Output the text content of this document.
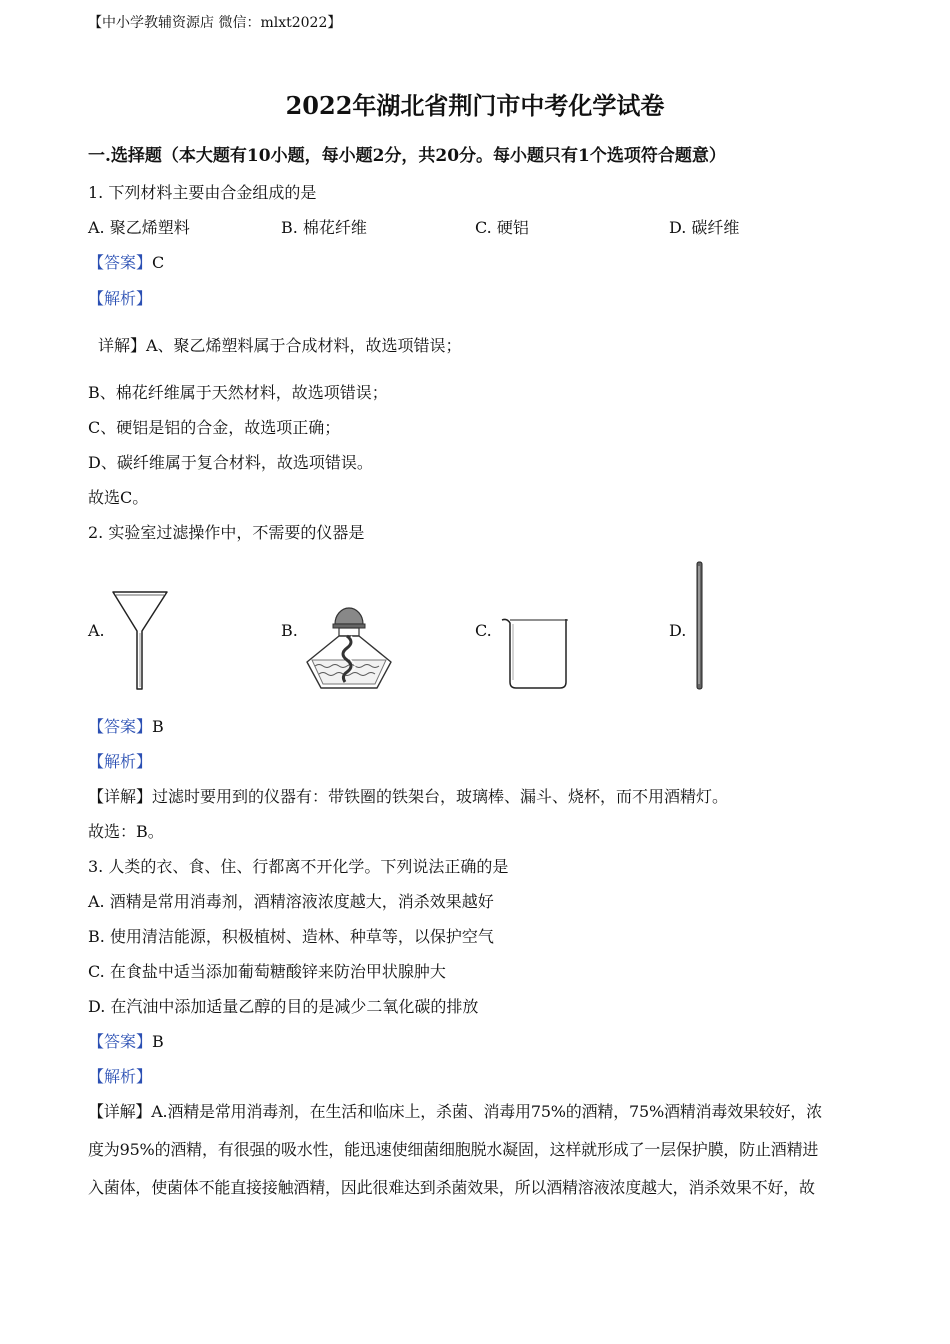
【中小学教辅资源店 微信：mlxt2022】
2022年湖北省荆门市中考化学试卷
一.选择题（本大题有10小题，每小题2分，共20分。每小题只有1个选项符合题意）
1. 下列材料主要由合金组成的是
A. 聚乙烯塑料	B. 棉花纤维	C. 硬铝	D. 碳纤维
【答案】C
【解析】
详解】A、聚乙烯塑料属于合成材料，故选项错误；
B、棉花纤维属于天然材料，故选项错误；
C、硬铝是铝的合金，故选项正确；
D、碳纤维属于复合材料，故选项错误。
故选C。
2. 实验室过滤操作中，不需要的仪器是
A.	B.	C.	D.
【答案】B
【解析】
【详解】过滤时要用到的仪器有：带铁圈的铁架台，玻璃棒、漏斗、烧杯，而不用酒精灯。
故选：B。
3. 人类的衣、食、住、行都离不开化学。下列说法正确的是
A. 酒精是常用消毒剂，酒精溶液浓度越大，消杀效果越好
B. 使用清洁能源，积极植树、造林、种草等，以保护空气
C. 在食盐中适当添加葡萄糖酸锌来防治甲状腺肿大
D. 在汽油中添加适量乙醇的目的是减少二氧化碳的排放
【答案】B
【解析】
【详解】A.酒精是常用消毒剂，在生活和临床上，杀菌、消毒用75%的酒精，75%酒精消毒效果较好，浓
度为95%的酒精，有很强的吸水性，能迅速使细菌细胞脱水凝固，这样就形成了一层保护膜，防止酒精进
入菌体，使菌体不能直接接触酒精，因此很难达到杀菌效果，所以酒精溶液浓度越大，消杀效果不好，故
